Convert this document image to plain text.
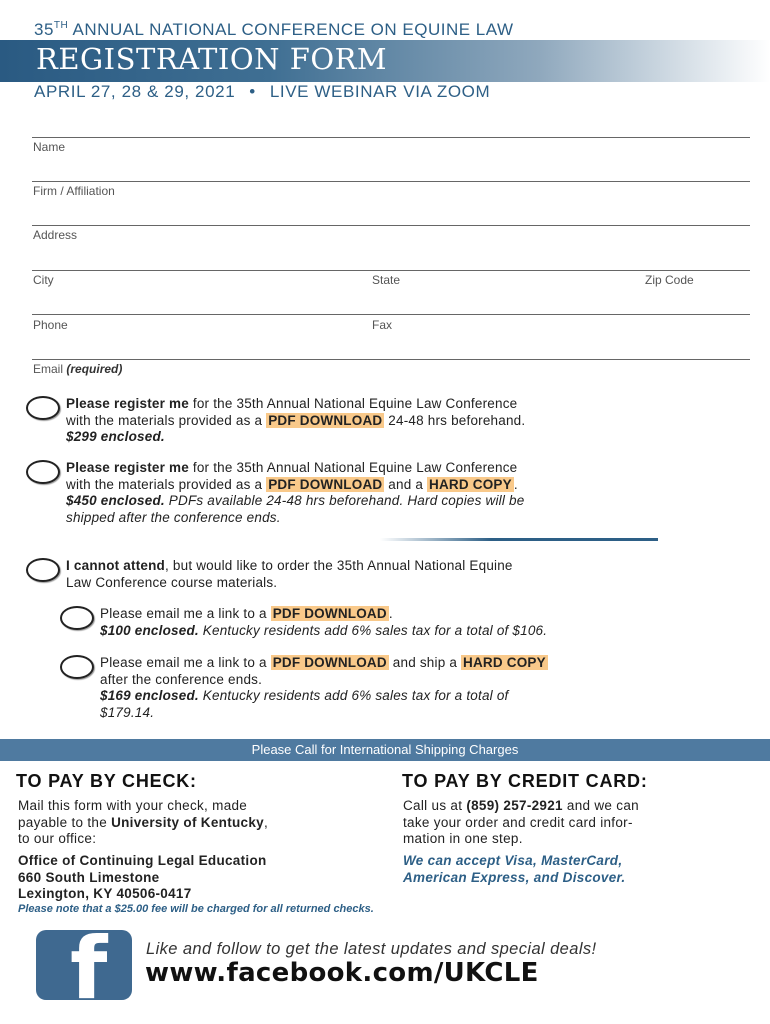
35TH ANNUAL NATIONAL CONFERENCE ON EQUINE LAW
REGISTRATION FORM
APRIL 27, 28 & 29, 2021 • LIVE WEBINAR VIA ZOOM
Name
Firm / Affiliation
Address
City	State	Zip Code
Phone	Fax
Email (required)
Please register me for the 35th Annual National Equine Law Conference
with the materials provided as a PDF DOWNLOAD 24-48 hrs beforehand.
$299 enclosed.
Please register me for the 35th Annual National Equine Law Conference
with the materials provided as a PDF DOWNLOAD and a HARD COPY .
$450 enclosed. PDFs available 24-48 hrs beforehand. Hard copies will be
shipped after the conference ends.
I cannot attend, but would like to order the 35th Annual National Equine
Law Conference course materials.
Please email me a link to a PDF DOWNLOAD .
$100 enclosed. Kentucky residents add 6% sales tax for a total of $106.
Please email me a link to a PDF DOWNLOAD and ship a HARD COPY
after the conference ends.
$169 enclosed. Kentucky residents add 6% sales tax for a total of
$179.14.
Please Call for International Shipping Charges
TO PAY BY CHECK:
Mail this form with your check, made
payable to the University of Kentucky,
to our office:
Office of Continuing Legal Education
660 South Limestone
Lexington, KY 40506-0417
TO PAY BY CREDIT CARD:
Call us at (859) 257-2921 and we can
take your order and credit card infor-
mation in one step.
We can accept Visa, MasterCard,
American Express, and Discover.
Please note that a $25.00 fee will be charged for all returned checks.
f Like and follow to get the latest updates and special deals!
www.facebook.com/UKCLE
